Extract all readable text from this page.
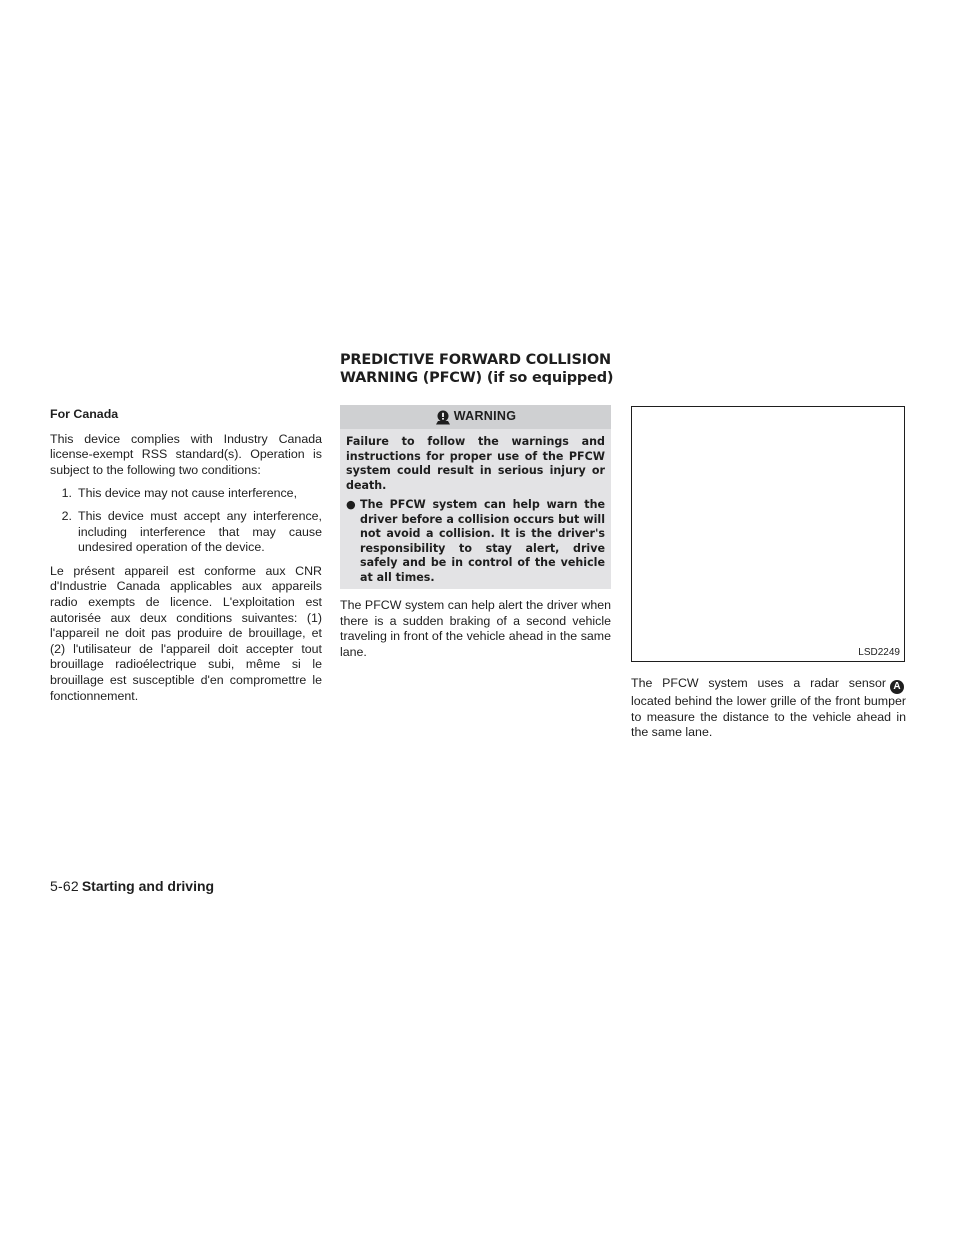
PREDICTIVE FORWARD COLLISION
WARNING (PFCW) (if so equipped)

For Canada

This device complies with Industry Canada license-exempt RSS standard(s). Operation is subject to the following two conditions:

1. This device may not cause interference,
2. This device must accept any interference, including interference that may cause undesired operation of the device.

Le présent appareil est conforme aux CNR d'Industrie Canada applicables aux appareils radio exempts de licence. L'exploitation est autorisée aux deux conditions suivantes: (1) l'appareil ne doit pas produire de brouillage, et (2) l'utilisateur de l'appareil doit accepter tout brouillage radioélectrique subi, même si le brouillage est susceptible d'en compromettre le fonctionnement.

WARNING

Failure to follow the warnings and instructions for proper use of the PFCW system could result in serious injury or death.

● The PFCW system can help warn the driver before a collision occurs but will not avoid a collision. It is the driver's responsibility to stay alert, drive safely and be in control of the vehicle at all times.

The PFCW system can help alert the driver when there is a sudden braking of a second vehicle traveling in front of the vehicle ahead in the same lane.	LSD2249

The PFCW system uses a radar sensor Alocated behind the lower grille of the front bumper to measure the distance to the vehicle ahead in the same lane.

5-62 Starting and driving
